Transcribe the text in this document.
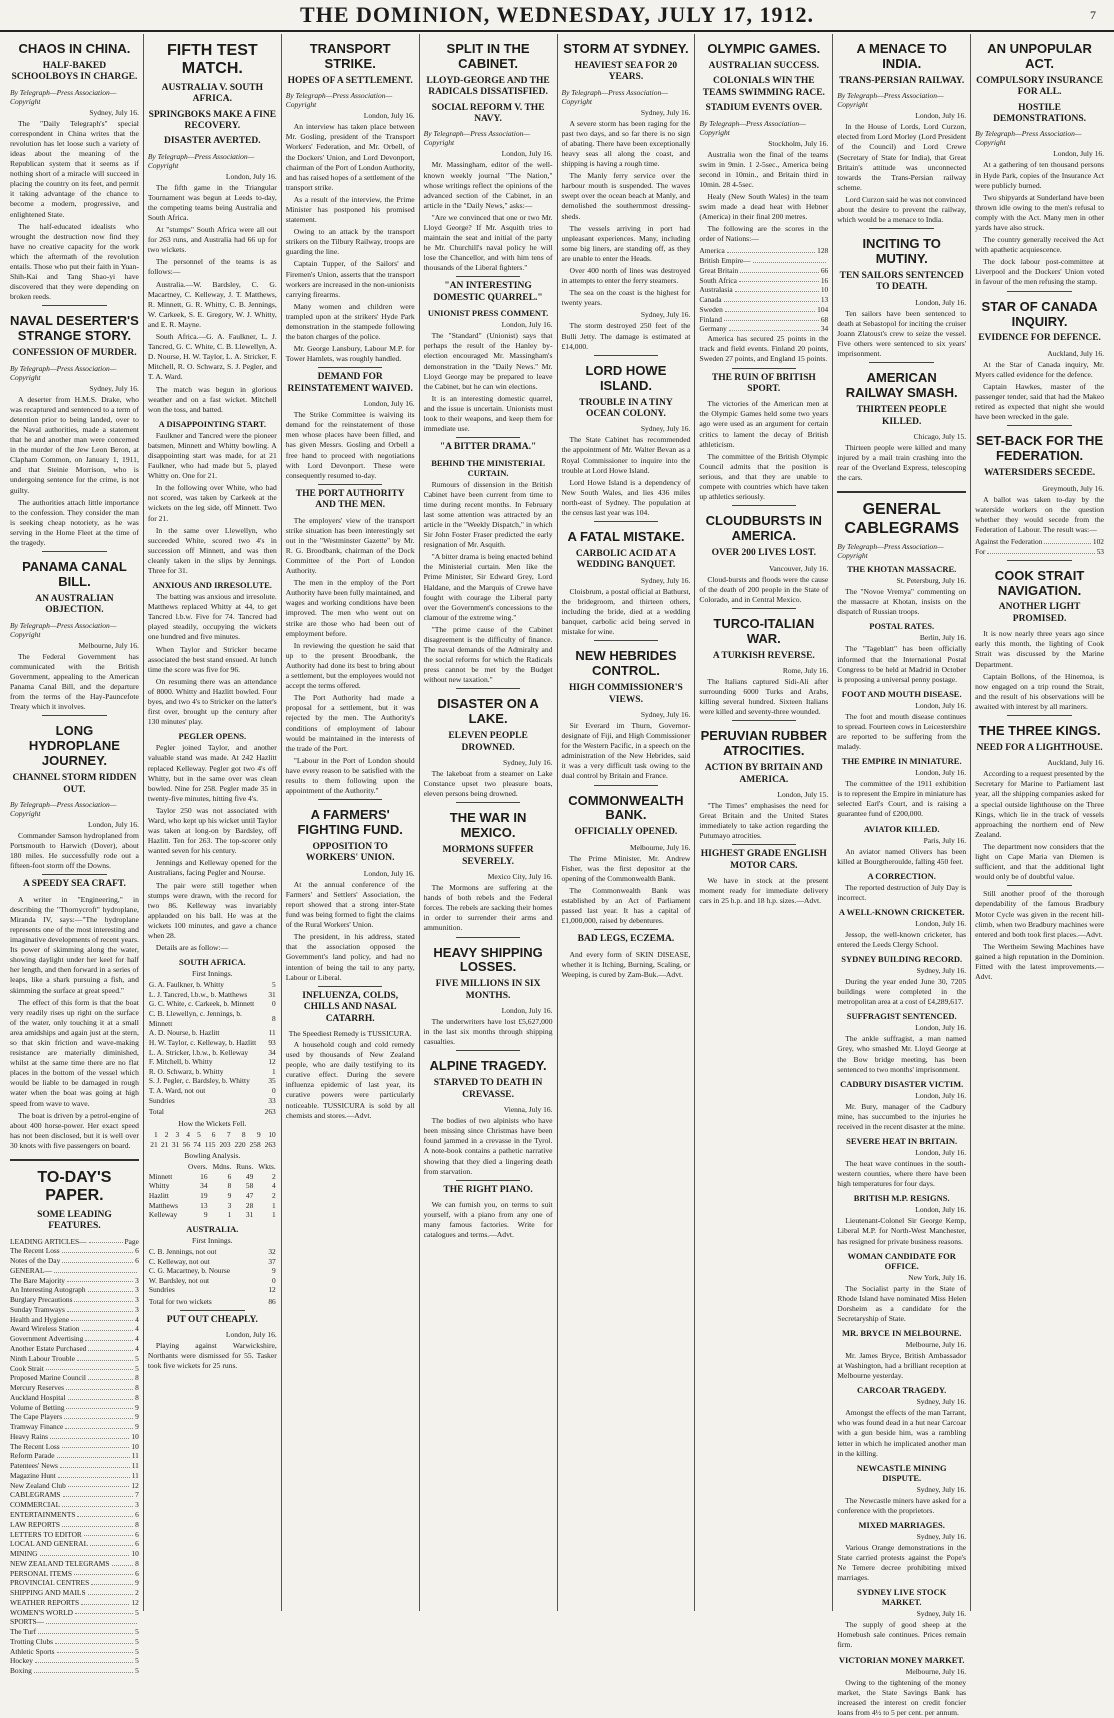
THE DOMINION, WEDNESDAY, JULY 17, 1912.	7
CHAOS IN CHINA.
HALF-BAKED SCHOOLBOYS IN CHARGE.
By Telegraph—Press Association—Copyright
Sydney, July 16.

The "Daily Telegraph's" special correspondent in China writes that the revolution has let loose such a variety of ideas about the meaning of the Republican system that it seems as if nothing short of a miracle will succeed in placing the country on its feet, and permit it taking advantage of the chance to become a modern, progressive, and enlightened State.

The half-educated idealists who wrought the destruction now find they have no creative capacity for the work which the aftermath of the revolution entails. Those who put their faith in Yuan-Shih-Kai and Tang Shao-yi have discovered that they were depending on broken reeds.

NAVAL DESERTER'S STRANGE STORY.
CONFESSION OF MURDER.
By Telegraph—Press Association—Copyright
Sydney, July 16.

A deserter from H.M.S. Drake, who was recaptured and sentenced to a term of detention prior to being landed, over to the Naval authorities, made a statement that he and another man were concerned in the murder of the Jew Leon Beron, at Clapham Common, on January 1, 1911, and that Steinie Morrison, who is undergoing sentence for the crime, is not guilty.

The authorities attach little importance to the confession. They consider the man is seeking cheap notoriety, as he was serving in the Home Fleet at the time of the tragedy.

PANAMA CANAL BILL.
AN AUSTRALIAN OBJECTION.
By Telegraph—Press Association—Copyright
Melbourne, July 16.

The Federal Government has communicated with the British Government, appealing to the American Panama Canal Bill, and the departure from the terms of the Hay-Pauncefote Treaty which it involves.

LONG HYDROPLANE JOURNEY.
CHANNEL STORM RIDDEN OUT.
By Telegraph—Press Association—Copyright
London, July 16.

Commander Samson hydroplaned from Portsmouth to Harwich (Dover), about 180 miles. He successfully rode out a fifteen-foot storm off the Downs.

A SPEEDY SEA CRAFT.

A writer in "Engineering," in describing the "Thornycroft" hydroplane, Miranda IV, says:—"The hydroplane represents one of the most interesting and imaginative developments of recent years. Its power of skimming along the water, showing daylight under her keel for half her length, and then forward in a series of leaps, like a shark pursuing a fish, and skimming the surface at great speed."

The effect of this form is that the boat very readily rises up right on the surface of the water, only touching it at a small area amidships and again just at the stern, so that skin friction and wave-making resistance are materially diminished, whilst at the same time there are no flat places in the bottom of the vessel which would be liable to be damaged in rough water when the boat was going at high speed from wave to wave.

The boat is driven by a petrol-engine of about 400 horse-power. Her exact speed has not been disclosed, but it is well over 30 knots with five passengers on board.

TO-DAY'S PAPER.
SOME LEADING FEATURES.
LEADING ARTICLES—	Page
The Recent Loss	6
Notes of the Day	6
GENERAL—
The Bare Majority	3
An Interesting Autograph	3
Burglary Precautions	3
Sunday Tramways	3
Health and Hygiene	4
Award Wireless Station	4
Government Advertising	4
Another Estate Purchased	4
Ninth Labour Trouble	5
Cook Strait	5
Proposed Marine Council	8
Mercury Reserves	8
Auckland Hospital	8
Volume of Betting	9
The Cape Players	9
Tramway Finance	9
Heavy Rains	10
The Recent Loss	10
Reform Parade	11
Patentees' News	11
Magazine Hunt	11
New Zealand Club	12
CABLEGRAMS	7
COMMERCIAL	3
ENTERTAINMENTS	6
LAW REPORTS	8
LETTERS TO EDITOR	6
LOCAL AND GENERAL	6
MINING	10
NEW ZEALAND TELEGRAMS	8
PERSONAL ITEMS	6
PROVINCIAL CENTRES	9
SHIPPING AND MAILS	2
WEATHER REPORTS	12
WOMEN'S WORLD	5
SPORTS—
The Turf	5
Trotting Clubs	5
Athletic Sports	5
Hockey	5
Boxing	5
FIFTH TEST MATCH.
AUSTRALIA V. SOUTH AFRICA.
SPRINGBOKS MAKE A FINE RECOVERY.
DISASTER AVERTED.
By Telegraph—Press Association—Copyright
London, July 16.

The fifth game in the Triangular Tournament was begun at Leeds to-day, the competing teams being Australia and South Africa.

At "stumps" South Africa were all out for 263 runs, and Australia had 66 up for two wickets.

The personnel of the teams is as follows:—

Australia.—W. Bardsley, C. G. Macartney, C. Kelleway, J. T. Matthews, R. Minnett, G. R. Whitty, C. B. Jennings, W. Carkeek, S. E. Gregory, W. J. Whitty, and E. R. Mayne.

South Africa.—G. A. Faulkner, L. J. Tancred, G. C. White, C. B. Llewellyn, A. D. Nourse, H. W. Taylor, L. A. Stricker, F. Mitchell, R. O. Schwarz, S. J. Pegler, and T. A. Ward.

The match was begun in glorious weather and on a fast wicket. Mitchell won the toss, and batted.

A DISAPPOINTING START.

Faulkner and Tancred were the pioneer batsmen, Minnett and Whitty bowling. A disappointing start was made, for at 21 Faulkner, who had made but 5, played Whitty on. One for 21.

In the following over White, who had not scored, was taken by Carkeek at the wickets on the leg side, off Minnett. Two for 21.

In the same over Llewellyn, who succeeded White, scored two 4's in succession off Minnett, and was then cleanly taken in the slips by Jennings. Three for 31.

ANXIOUS AND IRRESOLUTE.

The batting was anxious and irresolute. Matthews replaced Whitty at 44, to get Tancred l.b.w. Five for 74. Tancred had played steadily, occupying the wickets one hundred and five minutes.

When Taylor and Stricker became associated the best stand ensued. At lunch time the score was five for 96.

On resuming there was an attendance of 8000. Whitty and Hazlitt bowled. Four byes, and two 4's to Stricker on the latter's first over, brought up the century after 130 minutes' play.

PEGLER OPENS.

Pegler joined Taylor, and another valuable stand was made. At 242 Hazlitt replaced Kelleway. Pegler got two 4's off Whitty, but in the same over was clean bowled. Nine for 258. Pegler made 35 in twenty-five minutes, hitting five 4's.

Taylor 250 was not associated with Ward, who kept up his wicket until Taylor was taken at long-on by Bardsley, off Hazlitt. Ten for 263. The top-scorer only wanted seven for his century.

Jennings and Kelleway opened for the Australians, facing Pegler and Nourse.

The pair were still together when stumps were drawn, with the record for two 86. Kelleway was invariably applauded on his ball. He was at the wickets 100 minutes, and gave a chance when 28.

Details are as follow:—

SOUTH AFRICA.
First Innings.
G. A. Faulkner, b. Whitty	5
L. J. Tancred, l.b.w., b. Matthews	31
G. C. White, c. Carkeek, b. Minnett	0
C. B. Llewellyn, c. Jennings, b. Minnett	8
A. D. Nourse, b. Hazlitt	11
H. W. Taylor, c. Kelleway, b. Hazlitt	93
L. A. Stricker, l.b.w., b. Kelleway	34
F. Mitchell, b. Whitty	12
R. O. Schwarz, b. Whitty	1
S. J. Pegler, c. Bardsley, b. Whitty	35
T. A. Ward, not out	0
Sundries	33
Total	263
How the Wickets Fell.
1	2	3	4	5	6	7	8	9	10
21	21	31	56	74	115	203	220	258	263
Bowling Analysis.
	Overs.	Mdns.	Runs.	Wkts.
Minnett	16	6	49	2
Whitty	34	8	58	4
Hazlitt	19	9	47	2
Matthews	13	3	28	1
Kelleway	9	1	31	1
AUSTRALIA.
First Innings.
C. B. Jennings, not out	32
C. Kelleway, not out	37
C. G. Macartney, b. Nourse	9
W. Bardsley, not out	0
Sundries	12
Total for two wickets	86
PUT OUT CHEAPLY.
London, July 16.

Playing against Warwickshire, Northants were dismissed for 55. Tasker took five wickets for 25 runs.

TRANSPORT STRIKE.
HOPES OF A SETTLEMENT.
By Telegraph—Press Association—Copyright
London, July 16.

An interview has taken place between Mr. Gosling, president of the Transport Workers' Federation, and Mr. Orbell, of the Dockers' Union, and Lord Devonport, chairman of the Port of London Authority, and has raised hopes of a settlement of the transport strike.

As a result of the interview, the Prime Minister has postponed his promised statement.

Owing to an attack by the transport strikers on the Tilbury Railway, troops are guarding the line.

Captain Tupper, of the Sailors' and Firemen's Union, asserts that the transport workers are increased in the non-unionists carrying firearms.

Many women and children were trampled upon at the strikers' Hyde Park demonstration in the stampede following the baton charges of the police.

Mr. George Lansbury, Labour M.P. for Tower Hamlets, was roughly handled.

DEMAND FOR REINSTATEMENT WAIVED.
London, July 16.

The Strike Committee is waiving its demand for the reinstatement of those men whose places have been filled, and has given Messrs. Gosling and Orbell a free hand to proceed with negotiations with Lord Devonport. These were consequently resumed to-day.

THE PORT AUTHORITY AND THE MEN.

The employers' view of the transport strike situation has been interestingly set out in the "Westminster Gazette" by Mr. R. G. Broodbank, chairman of the Dock Committee of the Port of London Authority.

The men in the employ of the Port Authority have been fully maintained, and wages and working conditions have been improved. The men who went out on strike are those who had been out of employment before.

In reviewing the question he said that up to the present Broodbank, the Authority had done its best to bring about a settlement, but the employees would not accept the terms offered.

The Port Authority had made a proposal for a settlement, but it was rejected by the men. The Authority's conditions of employment of labour would be maintained in the interests of the trade of the Port.

"Labour in the Port of London should have every reason to be satisfied with the results to them following upon the appointment of the Authority."

A FARMERS' FIGHTING FUND.
OPPOSITION TO WORKERS' UNION.
London, July 16.

At the annual conference of the Farmers' and Settlers' Association, the report showed that a strong inter-State fund was being formed to fight the claims of the Rural Workers' Union.

The president, in his address, stated that the association opposed the Government's land policy, and had no intention of being the tail to any party, Labour or Liberal.

INFLUENZA, COLDS, CHILLS AND NASAL CATARRH.
The Speediest Remedy is TUSSICURA.

A household cough and cold remedy used by thousands of New Zealand people, who are daily testifying to its curative effect. During the severe influenza epidemic of last year, its curative powers were particularly noticeable. TUSSICURA is sold by all chemists and stores.—Advt.

SPLIT IN THE CABINET.
LLOYD-GEORGE AND THE RADICALS DISSATISFIED.
SOCIAL REFORM V. THE NAVY.
By Telegraph—Press Association—Copyright
London, July 16.

Mr. Massingham, editor of the well-known weekly journal "The Nation," whose writings reflect the opinions of the advanced section of the Cabinet, in an article in the "Daily News," asks:—

"Are we convinced that one or two Mr. Lloyd George? If Mr. Asquith tries to maintain the seat and initial of the party he Mr. Churchill's naval policy he will lose the Chancellor, and with him tens of thousands of the Liberal fighters."

"AN INTERESTING DOMESTIC QUARREL."
UNIONIST PRESS COMMENT.
London, July 16.

The "Standard" (Unionist) says that perhaps the result of the Hanley by-election encouraged Mr. Massingham's demonstration in the "Daily News." Mr. Lloyd George may be prepared to leave the Cabinet, but he can win elections.

It is an interesting domestic quarrel, and the issue is uncertain. Unionists must look to their weapons, and keep them for immediate use.

"A BITTER DRAMA."
BEHIND THE MINISTERIAL CURTAIN.

Rumours of dissension in the British Cabinet have been current from time to time during recent months. In February last some attention was attracted by an article in the "Weekly Dispatch," in which Sir John Foster Fraser predicted the early resignation of Mr. Asquith.

"A bitter drama is being enacted behind the Ministerial curtain. Men like the Prime Minister, Sir Edward Grey, Lord Haldane, and the Marquis of Crewe have fought with courage the Liberal party over the Government's concessions to the clamour of the extreme wing."

"The prime cause of the Cabinet disagreement is the difficulty of finance. The naval demands of the Admiralty and the social reforms for which the Radicals press cannot be met by the Budget without new taxation."

DISASTER ON A LAKE.
ELEVEN PEOPLE DROWNED.
Sydney, July 16.

The lakeboat from a steamer on Lake Constance upset two pleasure boats, eleven persons being drowned.

THE WAR IN MEXICO.
MORMONS SUFFER SEVERELY.
Mexico City, July 16.

The Mormons are suffering at the hands of both rebels and the Federal forces. The rebels are sacking their homes in order to surrender their arms and ammunition.

HEAVY SHIPPING LOSSES.
FIVE MILLIONS IN SIX MONTHS.
London, July 16.

The underwriters have lost £5,627,000 in the last six months through shipping casualties.

ALPINE TRAGEDY.
STARVED TO DEATH IN CREVASSE.
Vienna, July 16.

The bodies of two alpinists who have been missing since Christmas have been found jammed in a crevasse in the Tyrol. A note-book contains a pathetic narrative showing that they died a lingering death from starvation.

THE RIGHT PIANO.

We can furnish you, on terms to suit yourself, with a piano from any one of many famous factories. Write for catalogues and terms.—Advt.

STORM AT SYDNEY.
HEAVIEST SEA FOR 20 YEARS.
By Telegraph—Press Association—Copyright
Sydney, July 16.

A severe storm has been raging for the past two days, and so far there is no sign of abating. There have been exceptionally heavy seas all along the coast, and shipping is having a rough time.

The Manly ferry service over the harbour mouth is suspended. The waves swept over the ocean beach at Manly, and demolished the southernmost dressing-sheds.

The vessels arriving in port had unpleasant experiences. Many, including some big liners, are standing off, as they are unable to enter the Heads.

Over 400 north of lines was destroyed in attempts to enter the ferry steamers.

The sea on the coast is the highest for twenty years.

Sydney, July 16.

The storm destroyed 250 feet of the Bulli Jetty. The damage is estimated at £14,000.

LORD HOWE ISLAND.
TROUBLE IN A TINY OCEAN COLONY.
Sydney, July 16.

The State Cabinet has recommended the appointment of Mr. Walter Bevan as a Royal Commissioner to inquire into the trouble at Lord Howe Island.

Lord Howe Island is a dependency of New South Wales, and lies 436 miles north-east of Sydney. The population at the census last year was 104.

A FATAL MISTAKE.
CARBOLIC ACID AT A WEDDING BANQUET.
Sydney, July 16.

Cloisbrum, a postal official at Bathurst, the bridegroom, and thirteen others, including the bride, died at a wedding banquet, carbolic acid being served in mistake for wine.

NEW HEBRIDES CONTROL.
HIGH COMMISSIONER'S VIEWS.
Sydney, July 16.

Sir Everard im Thurn, Governor-designate of Fiji, and High Commissioner for the Western Pacific, in a speech on the administration of the New Hebrides, said it was a very difficult task owing to the dual control by Britain and France.

COMMONWEALTH BANK.
OFFICIALLY OPENED.
Melbourne, July 16.

The Prime Minister, Mr. Andrew Fisher, was the first depositor at the opening of the Commonwealth Bank.

The Commonwealth Bank was established by an Act of Parliament passed last year. It has a capital of £1,000,000, raised by debentures.

BAD LEGS, ECZEMA.

And every form of SKIN DISEASE, whether it is Itching, Burning, Scaling, or Weeping, is cured by Zam-Buk.—Advt.

OLYMPIC GAMES.
AUSTRALIAN SUCCESS.
COLONIALS WIN THE TEAMS SWIMMING RACE.
STADIUM EVENTS OVER.
By Telegraph—Press Association—Copyright
Stockholm, July 16.

Australia won the final of the teams swim in 9min. 1 2-5sec., America being second in 10min., and Britain third in 10min. 28 4-5sec.

Healy (New South Wales) in the team swim made a dead heat with Hebner (America) in their final 200 metres.

The following are the scores in the order of Nations:—

America	128
British Empire—
Great Britain	66
South Africa	16
Australasia	10
Canada	13
Sweden	104
Finland	68
Germany	34

America has secured 25 points in the track and field events. Finland 20 points, Sweden 27 points, and England 15 points.

THE RUIN OF BRITISH SPORT.

The victories of the American men at the Olympic Games held some two years ago were used as an argument for certain critics to lament the decay of British athleticism.

The committee of the British Olympic Council admits that the position is serious, and that they are unable to compete with countries which have taken up athletics seriously.

CLOUDBURSTS IN AMERICA.
OVER 200 LIVES LOST.
Vancouver, July 16.

Cloud-bursts and floods were the cause of the death of 200 people in the State of Colorado, and in Central Mexico.

TURCO-ITALIAN WAR.
A TURKISH REVERSE.
Rome, July 16.

The Italians captured Sidi-Ali after surrounding 6000 Turks and Arabs, killing several hundred. Sixteen Italians were killed and seventy-three wounded.

PERUVIAN RUBBER ATROCITIES.
ACTION BY BRITAIN AND AMERICA.
London, July 15.

"The Times" emphasises the need for Great Britain and the United States immediately to take action regarding the Putumayo atrocities.

HIGHEST GRADE ENGLISH MOTOR CARS.

We have in stock at the present moment ready for immediate delivery cars in 25 h.p. and 18 h.p. sizes.—Advt.

A MENACE TO INDIA.
TRANS-PERSIAN RAILWAY.
By Telegraph—Press Association—Copyright
London, July 16.

In the House of Lords, Lord Curzon, elected from Lord Morley (Lord President of the Council) and Lord Crewe (Secretary of State for India), that Great Britain's attitude was unconnected towards the Trans-Persian railway scheme.

Lord Curzon said he was not convinced about the desire to prevent the railway, which would be a menace to India.

INCITING TO MUTINY.
TEN SAILORS SENTENCED TO DEATH.
London, July 16.

Ten sailors have been sentenced to death at Sebastopol for inciting the cruiser Joann Zlatoust's crew to seize the vessel. Five others were sentenced to six years' imprisonment.

AMERICAN RAILWAY SMASH.
THIRTEEN PEOPLE KILLED.
Chicago, July 15.

Thirteen people were killed and many injured by a mail train crashing into the rear of the Overland Express, telescoping the cars.

GENERAL CABLEGRAMS
By Telegraph—Press Association—Copyright
THE KHOTAN MASSACRE.
St. Petersburg, July 16.

The "Novoe Vremya" commenting on the massacre at Khotan, insists on the dispatch of Russian troops.

POSTAL RATES.
Berlin, July 16.

The "Tageblatt" has been officially informed that the International Postal Congress to be held at Madrid in October is proposing a universal penny postage.

FOOT AND MOUTH DISEASE.
London, July 16.

The foot and mouth disease continues to spread. Fourteen cows in Leicestershire are reported to be suffering from the malady.

THE EMPIRE IN MINIATURE.
London, July 16.

The committee of the 1911 exhibition is to represent the Empire in miniature has selected Earl's Court, and is raising a guarantee fund of £200,000.

AVIATOR KILLED.
Paris, July 16.

An aviator named Olivers has been killed at Bourgtheroulde, falling 450 feet.

A CORRECTION.

The reported destruction of July Day is incorrect.

A WELL-KNOWN CRICKETER.
London, July 16.

Jessop, the well-known cricketer, has entered the Leeds Clergy School.

SYDNEY BUILDING RECORD.
Sydney, July 16.

During the year ended June 30, 7205 buildings were completed in the metropolitan area at a cost of £4,289,617.

SUFFRAGIST SENTENCED.
London, July 16.

The ankle suffragist, a man named Grey, who smashed Mr. Lloyd George at the Bow bridge meeting, has been sentenced to two months' imprisonment.

CADBURY DISASTER VICTIM.
London, July 16.

Mr. Bury, manager of the Cadbury mine, has succumbed to the injuries he received in the recent disaster at the mine.

SEVERE HEAT IN BRITAIN.
London, July 16.

The heat wave continues in the south-western counties, where there have been high temperatures for four days.

BRITISH M.P. RESIGNS.
London, July 16.

Lieutenant-Colonel Sir George Kemp, Liberal M.P. for North-West Manchester, has resigned for private business reasons.

WOMAN CANDIDATE FOR OFFICE.
New York, July 16.

The Socialist party in the State of Rhode Island have nominated Miss Helen Dorsheim as a candidate for the Secretaryship of State.

MR. BRYCE IN MELBOURNE.
Melbourne, July 16.

Mr. James Bryce, British Ambassador at Washington, had a brilliant reception at Melbourne yesterday.

CARCOAR TRAGEDY.
Sydney, July 16.

Amongst the effects of the man Tarrant, who was found dead in a hut near Carcoar with a gun beside him, was a rambling letter in which he implicated another man in the killing.

NEWCASTLE MINING DISPUTE.
Sydney, July 16.

The Newcastle miners have asked for a conference with the proprietors.

MIXED MARRIAGES.
Sydney, July 16.

Various Orange demonstrations in the State carried protests against the Pope's Ne Temere decree prohibiting mixed marriages.

SYDNEY LIVE STOCK MARKET.
Sydney, July 16.

The supply of good sheep at the Homebush sale continues. Prices remain firm.

VICTORIAN MONEY MARKET.
Melbourne, July 16.

Owing to the tightening of the money market, the State Savings Bank has increased the interest on credit foncier loans from 4½ to 5 per cent. per annum.

AN UNPOPULAR ACT.
COMPULSORY INSURANCE FOR ALL.
HOSTILE DEMONSTRATIONS.
By Telegraph—Press Association—Copyright
London, July 16.

At a gathering of ten thousand persons in Hyde Park, copies of the Insurance Act were publicly burned.

Two shipyards at Sunderland have been thrown idle owing to the men's refusal to comply with the Act. Many men in other yards have also struck.

The country generally received the Act with apathetic acquiescence.

The dock labour post-committee at Liverpool and the Dockers' Union voted in favour of the men refusing the stamp.

STAR OF CANADA INQUIRY.
EVIDENCE FOR DEFENCE.
Auckland, July 16.

At the Star of Canada inquiry, Mr. Myers called evidence for the defence.

Captain Hawkes, master of the passenger tender, said that had the Makeo retired as expected that night she would have been wrecked in the gale.

SET-BACK FOR THE FEDERATION.
WATERSIDERS SECEDE.
Greymouth, July 16.

A ballot was taken to-day by the waterside workers on the question whether they would secede from the Federation of Labour. The result was:—

Against the Federation	102
For	53
COOK STRAIT NAVIGATION.
ANOTHER LIGHT PROMISED.

It is now nearly three years ago since early this month, the lighting of Cook Strait was discussed by the Marine Department.

Captain Bollons, of the Hinemoa, is now engaged on a trip round the Strait, and the result of his observations will be awaited with interest by all mariners.

THE THREE KINGS.
NEED FOR A LIGHTHOUSE.
Auckland, July 16.

According to a request presented by the Secretary for Marine to Parliament last year, all the shipping companies asked for a special outside lighthouse on the Three Kings, which lie in the track of vessels approaching the northern end of New Zealand.

The department now considers that the light on Cape Maria van Diemen is sufficient, and that the additional light would only be of doubtful value.

Still another proof of the thorough dependability of the famous Bradbury Motor Cycle was given in the recent hill-climb, when two Bradbury machines were entered and both took first places.—Advt.

The Wertheim Sewing Machines have gained a high reputation in the Dominion. Fitted with the latest improvements.—Advt.
